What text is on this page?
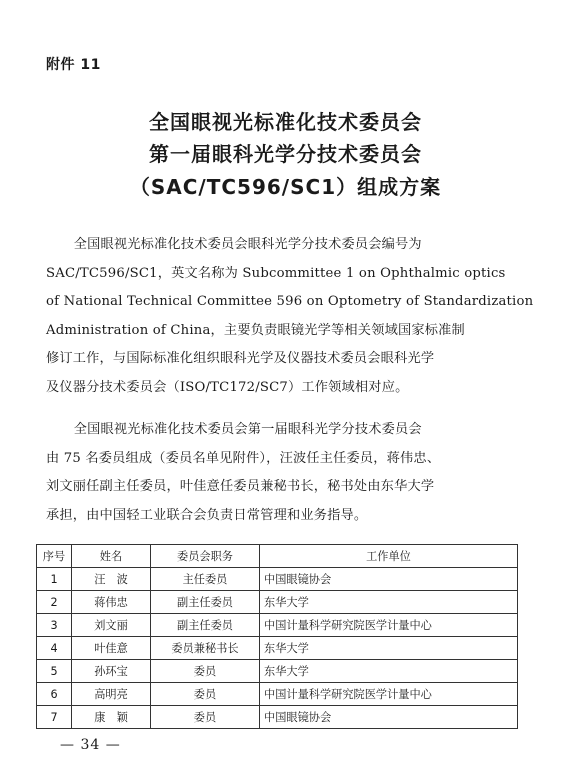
附件 11
全国眼视光标准化技术委员会
第一届眼科光学分技术委员会
（SAC/TC596/SC1）组成方案
全国眼视光标准化技术委员会眼科光学分技术委员会编号为
SAC/TC596/SC1，英文名称为 Subcommittee 1 on Ophthalmic optics
of National Technical Committee 596 on Optometry of Standardization
Administration of China，主要负责眼镜光学等相关领域国家标准制
修订工作，与国际标准化组织眼科光学及仪器技术委员会眼科光学
及仪器分技术委员会（ISO/TC172/SC7）工作领域相对应。
全国眼视光标准化技术委员会第一届眼科光学分技术委员会
由 75 名委员组成（委员名单见附件），汪波任主任委员，蒋伟忠、
刘文丽任副主任委员，叶佳意任委员兼秘书长，秘书处由东华大学
承担，由中国轻工业联合会负责日常管理和业务指导。
序号	姓名	委员会职务	工作单位
1	汪　波	主任委员	中国眼镜协会
2	蒋伟忠	副主任委员	东华大学
3	刘文丽	副主任委员	中国计量科学研究院医学计量中心
4	叶佳意	委员兼秘书长	东华大学
5	孙环宝	委员	东华大学
6	高明亮	委员	中国计量科学研究院医学计量中心
7	康　颖	委员	中国眼镜协会
— 34 —
